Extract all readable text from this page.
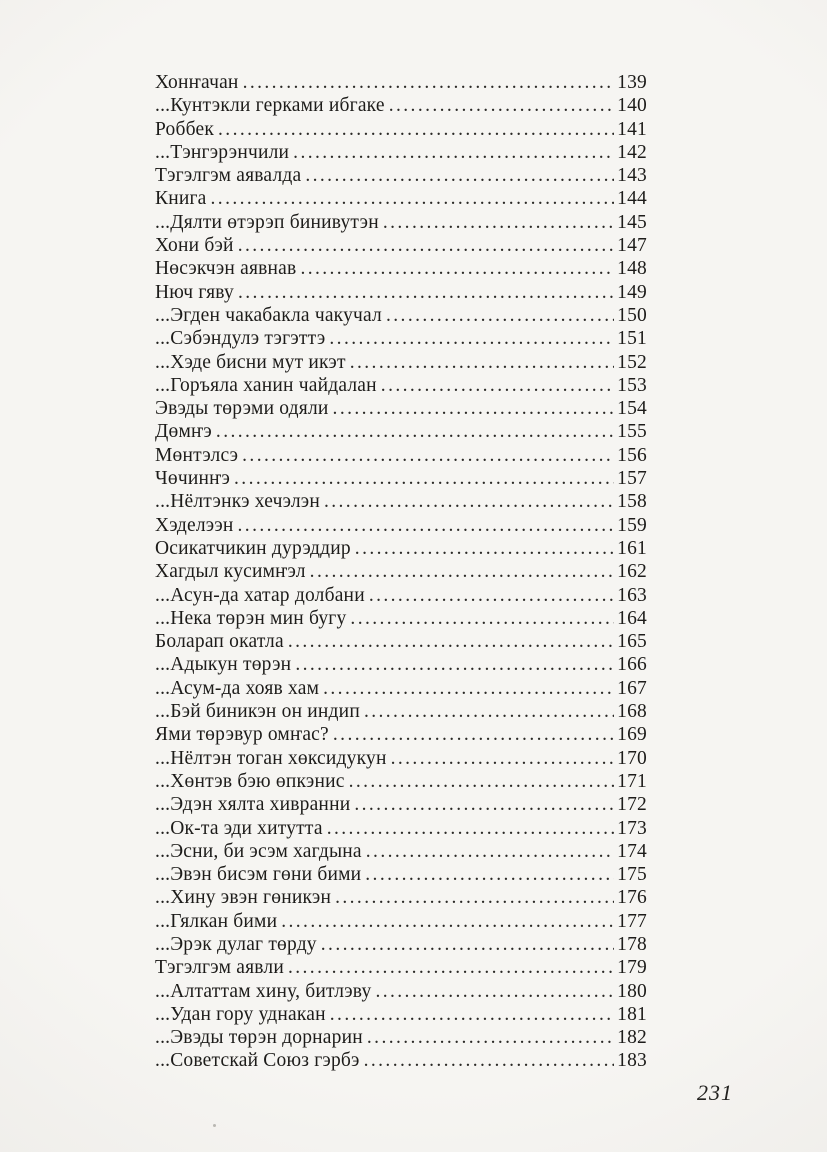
Хонҥачан .....	139
...Кунтэкли герками ибгаке .....	140
Роббек .....	141
...Тэнгэрэнчили .....	142
Тэгэлгэм аявалда .....	143
Книга .....	144
...Дялти өтэрэп бинивутэн .....	145
Хони бэй .....	147
Нөсэкчэн аявнав .....	148
Нюч гяву .....	149
...Эгден чакабакла чакучал .....	150
...Сэбэндулэ тэгэттэ .....	151
...Хэде бисни мут икэт .....	152
...Горъяла ханин чайдалан .....	153
Эвэды төрэми одяли .....	154
Дөмҥэ .....	155
Мөнтэлсэ .....	156
Чөчинҥэ .....	157
...Нёлтэнкэ хечэлэн .....	158
Хэделээн .....	159
Осикатчикин дурэддир .....	161
Хагдыл кусимҥэл .....	162
...Асун-да хатар долбани .....	163
...Нека төрэн мин бугу .....	164
Боларап окатла .....	165
...Адыкун төрэн .....	166
...Асум-да хояв хам .....	167
...Бэй биникэн он индип .....	168
Ями төрэвур омҥас? .....	169
...Нёлтэн тоган хөксидукун .....	170
...Хөнтэв бэю өпкэнис .....	171
...Эдэн хялта хивранни .....	172
...Ок-та эди хитутта .....	173
...Эсни, би эсэм хагдына .....	174
...Эвэн бисэм гөни бими .....	175
...Хину эвэн гөникэн .....	176
...Гялкан бими .....	177
...Эрэк дулаг төрду .....	178
Тэгэлгэм аявли .....	179
...Алтаттам хину, битлэву .....	180
...Удан гору уднакан .....	181
...Эвэды төрэн дорнарин .....	182
...Советскай Союз гэрбэ .....	183
231
